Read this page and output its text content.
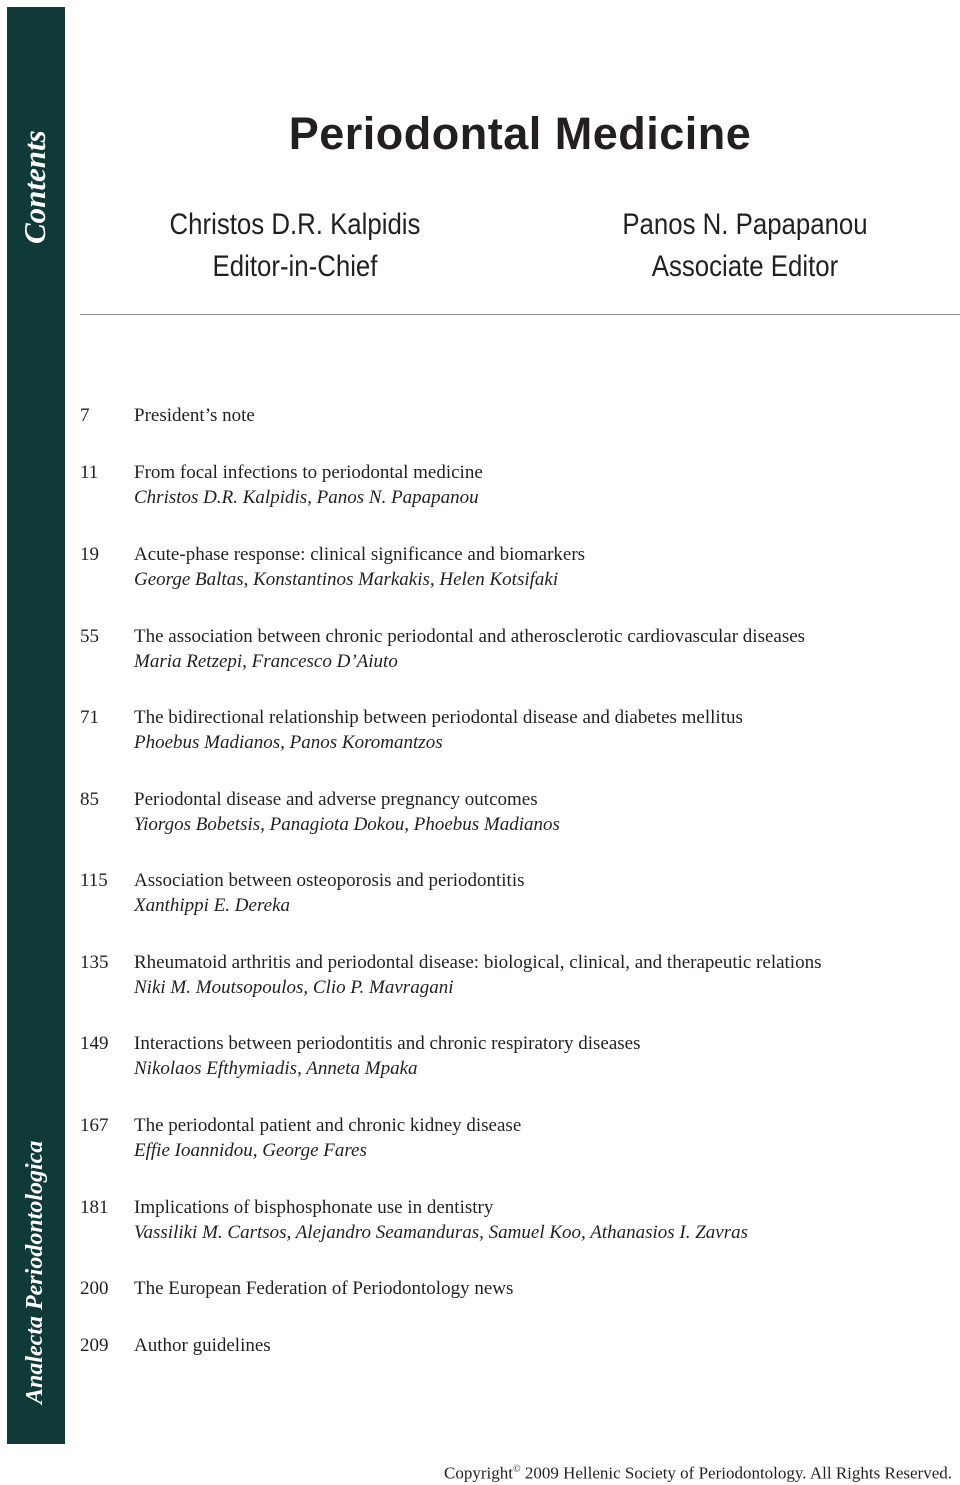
Contents
Analecta Periodontologica
Periodontal Medicine
Christos D.R. Kalpidis
Editor-in-Chief
Panos N. Papapanou
Associate Editor
7	President’s note
11	From focal infections to periodontal medicine
Christos D.R. Kalpidis, Panos N. Papapanou
19	Acute-phase response: clinical significance and biomarkers
George Baltas, Konstantinos Markakis, Helen Kotsifaki
55	The association between chronic periodontal and atherosclerotic cardiovascular diseases
Maria Retzepi, Francesco D’Aiuto
71	The bidirectional relationship between periodontal disease and diabetes mellitus
Phoebus Madianos, Panos Koromantzos
85	Periodontal disease and adverse pregnancy outcomes
Yiorgos Bobetsis, Panagiota Dokou, Phoebus Madianos
115	Association between osteoporosis and periodontitis
Xanthippi E. Dereka
135	Rheumatoid arthritis and periodontal disease: biological, clinical, and therapeutic relations
Niki M. Moutsopoulos, Clio P. Mavragani
149	Interactions between periodontitis and chronic respiratory diseases
Nikolaos Efthymiadis, Anneta Mpaka
167	The periodontal patient and chronic kidney disease
Effie Ioannidou, George Fares
181	Implications of bisphosphonate use in dentistry
Vassiliki M. Cartsos, Alejandro Seamanduras, Samuel Koo, Athanasios I. Zavras
200	The European Federation of Periodontology news
209	Author guidelines
Copyright© 2009 Hellenic Society of Periodontology. All Rights Reserved.
